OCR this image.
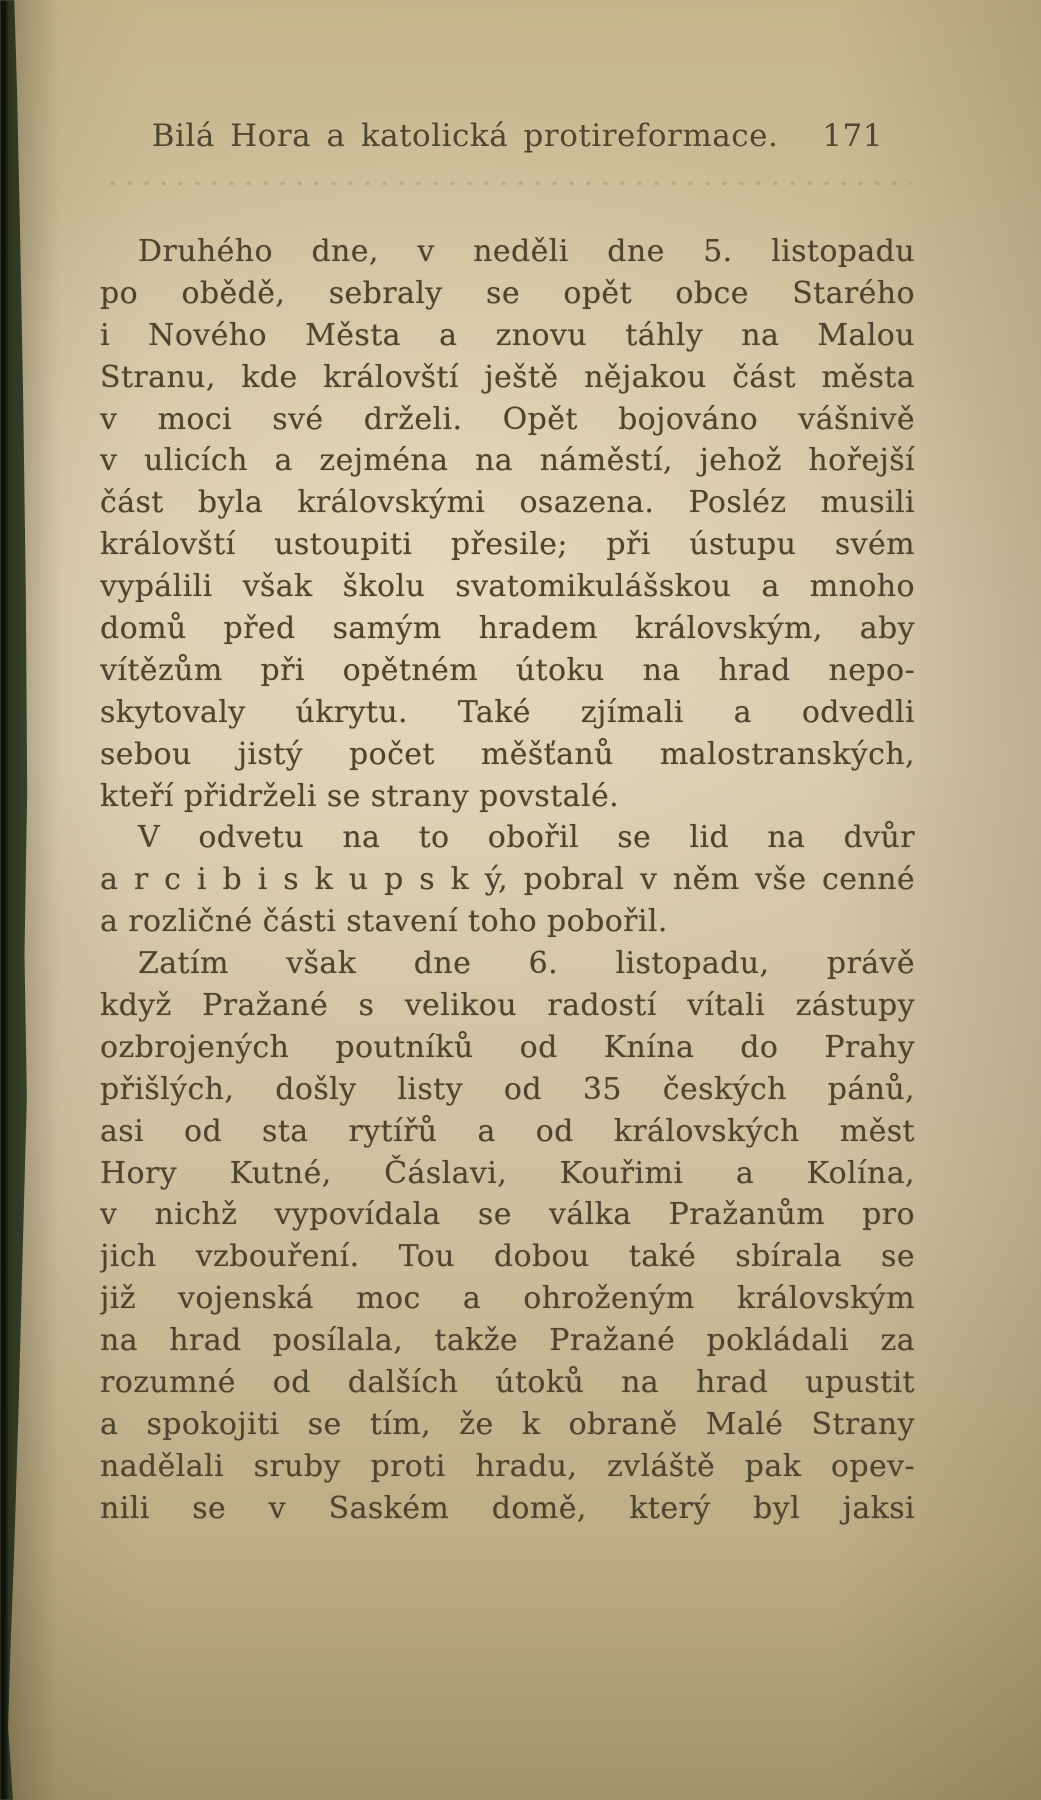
Bilá Hora a katolická protireformace.	171
Druhého dne, v neděli dne 5. listopadu
po obědě, sebraly se opět obce Starého
i Nového Města a znovu táhly na Malou
Stranu, kde královští ještě nějakou část města
v moci své drželi. Opět bojováno vášnivě
v ulicích a zejména na náměstí, jehož hořejší
část byla královskými osazena. Posléz musili
královští ustoupiti přesile; při ústupu svém
vypálili však školu svatomikulášskou a mnoho
domů před samým hradem královským, aby
vítězům při opětném útoku na hrad nepo-
skytovaly úkrytu. Také zjímali a odvedli
sebou jistý počet měšťanů malostranských,
kteří přidrželi se strany povstalé.
V odvetu na to obořil se lid na dvůr
a r c i b i s k u p s k ý, pobral v něm vše cenné
a rozličné části stavení toho pobořil.
Zatím však dne 6. listopadu, právě
když Pražané s velikou radostí vítali zástupy
ozbrojených poutníků od Knína do Prahy
přišlých, došly listy od 35 českých pánů,
asi od sta rytířů a od královských měst
Hory Kutné, Čáslavi, Kouřimi a Kolína,
v nichž vypovídala se válka Pražanům pro
jich vzbouření. Tou dobou také sbírala se
již vojenská moc a ohroženým královským
na hrad posílala, takže Pražané pokládali za
rozumné od dalších útoků na hrad upustit
a spokojiti se tím, že k obraně Malé Strany
nadělali sruby proti hradu, zvláště pak opev-
nili se v Saském domě, který byl jaksi
